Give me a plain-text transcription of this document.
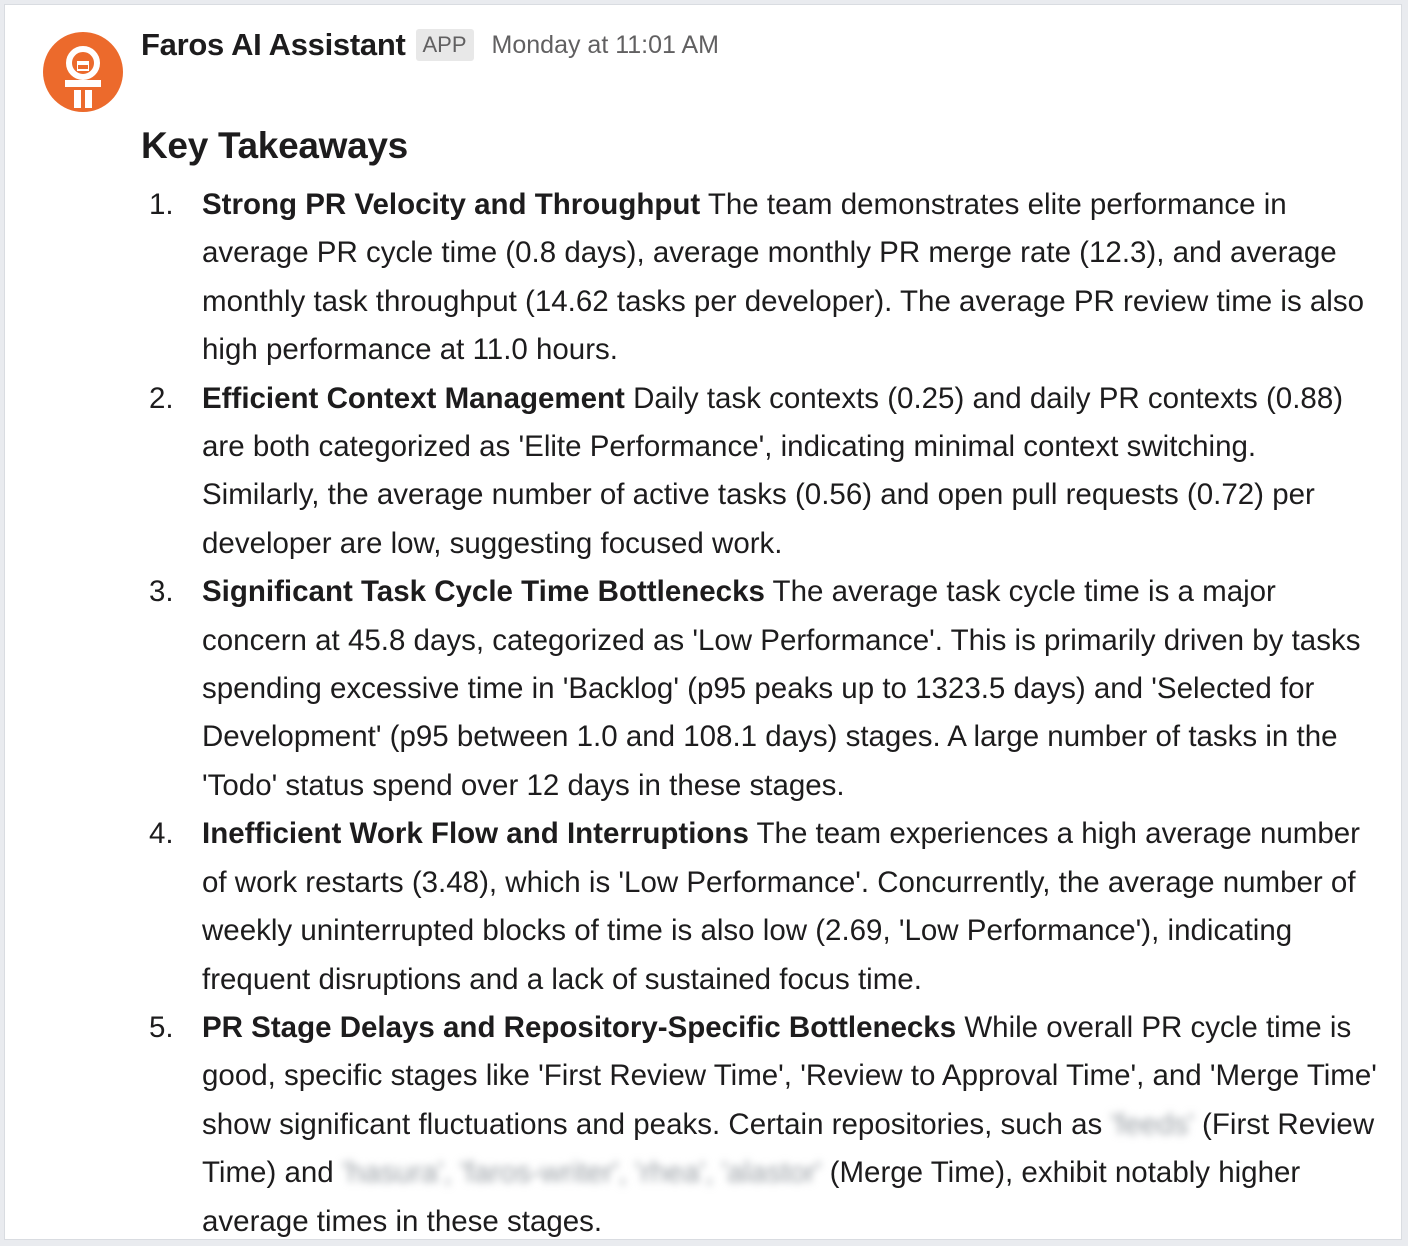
Faros AI Assistant APP Monday at 11:01 AM
Key Takeaways
1. Strong PR Velocity and Throughput The team demonstrates elite performance in average PR cycle time (0.8 days), average monthly PR merge rate (12.3), and average monthly task throughput (14.62 tasks per developer). The average PR review time is also high performance at 11.0 hours.
2. Efficient Context Management Daily task contexts (0.25) and daily PR contexts (0.88) are both categorized as 'Elite Performance', indicating minimal context switching. Similarly, the average number of active tasks (0.56) and open pull requests (0.72) per developer are low, suggesting focused work.
3. Significant Task Cycle Time Bottlenecks The average task cycle time is a major concern at 45.8 days, categorized as 'Low Performance'. This is primarily driven by tasks spending excessive time in 'Backlog' (p95 peaks up to 1323.5 days) and 'Selected for Development' (p95 between 1.0 and 108.1 days) stages. A large number of tasks in the 'Todo' status spend over 12 days in these stages.
4. Inefficient Work Flow and Interruptions The team experiences a high average number of work restarts (3.48), which is 'Low Performance'. Concurrently, the average number of weekly uninterrupted blocks of time is also low (2.69, 'Low Performance'), indicating frequent disruptions and a lack of sustained focus time.
5. PR Stage Delays and Repository-Specific Bottlenecks While overall PR cycle time is good, specific stages like 'First Review Time', 'Review to Approval Time', and 'Merge Time' show significant fluctuations and peaks. Certain repositories, such as 'feeds' (First Review Time) and 'hasura', 'faros-writer', 'rhea', 'alastor' (Merge Time), exhibit notably higher average times in these stages.
